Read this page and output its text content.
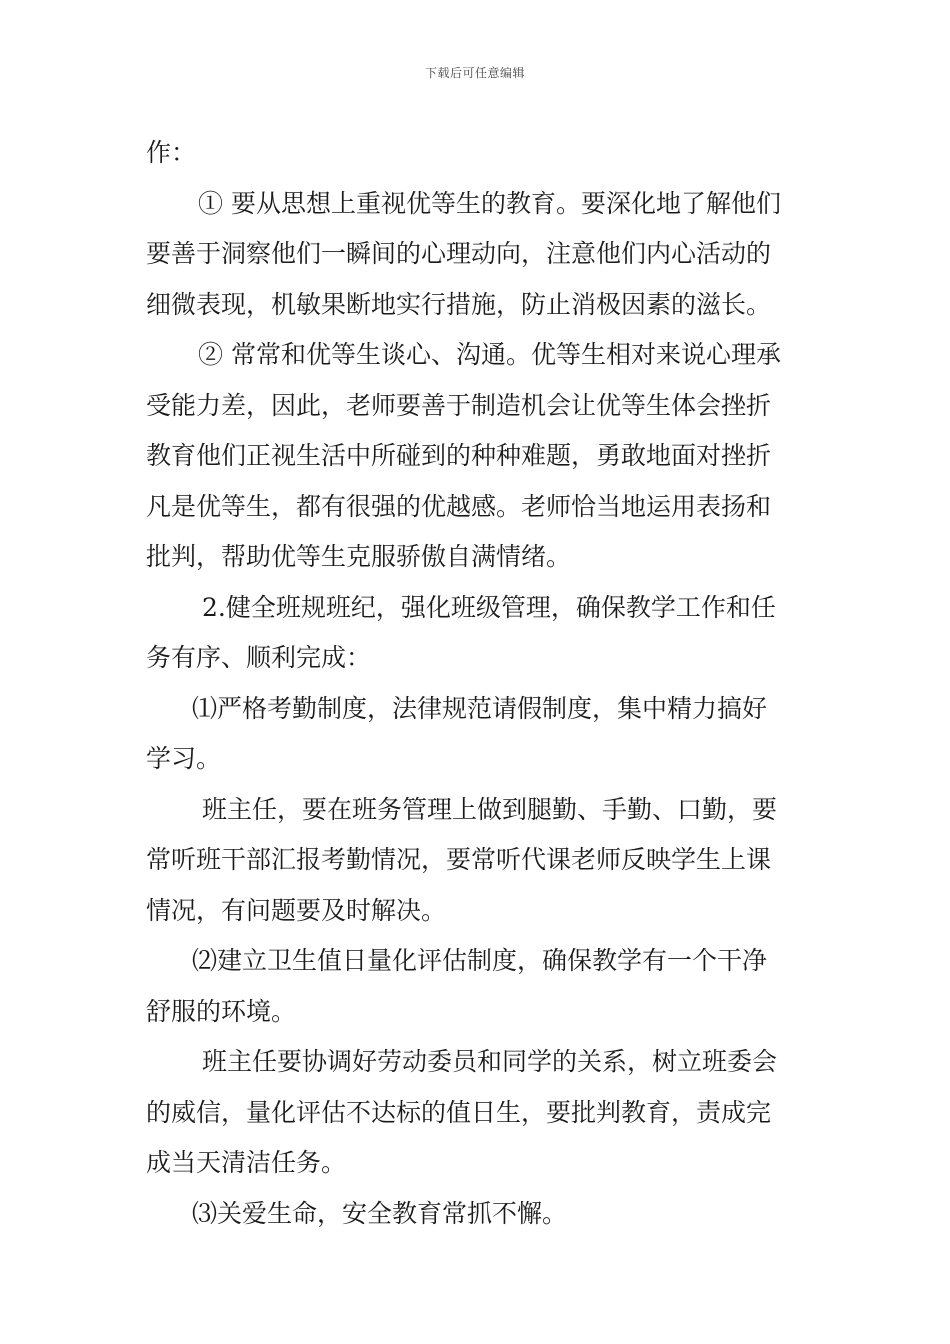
下载后可任意编辑
作：
① 要从思想上重视优等生的教育。要深化地了解他们
要善于洞察他们一瞬间的心理动向，注意他们内心活动的
细微表现，机敏果断地实行措施，防止消极因素的滋长。
② 常常和优等生谈心、沟通。优等生相对来说心理承
受能力差，因此，老师要善于制造机会让优等生体会挫折
教育他们正视生活中所碰到的种种难题，勇敢地面对挫折
凡是优等生，都有很强的优越感。老师恰当地运用表扬和
批判，帮助优等生克服骄傲自满情绪。
2.健全班规班纪，强化班级管理，确保教学工作和任
务有序、顺利完成：
⑴严格考勤制度，法律规范请假制度，集中精力搞好
学习。
班主任，要在班务管理上做到腿勤、手勤、口勤，要
常听班干部汇报考勤情况，要常听代课老师反映学生上课
情况，有问题要及时解决。
⑵建立卫生值日量化评估制度，确保教学有一个干净
舒服的环境。
班主任要协调好劳动委员和同学的关系，树立班委会
的威信，量化评估不达标的值日生，要批判教育，责成完
成当天清洁任务。
⑶关爱生命，安全教育常抓不懈。
